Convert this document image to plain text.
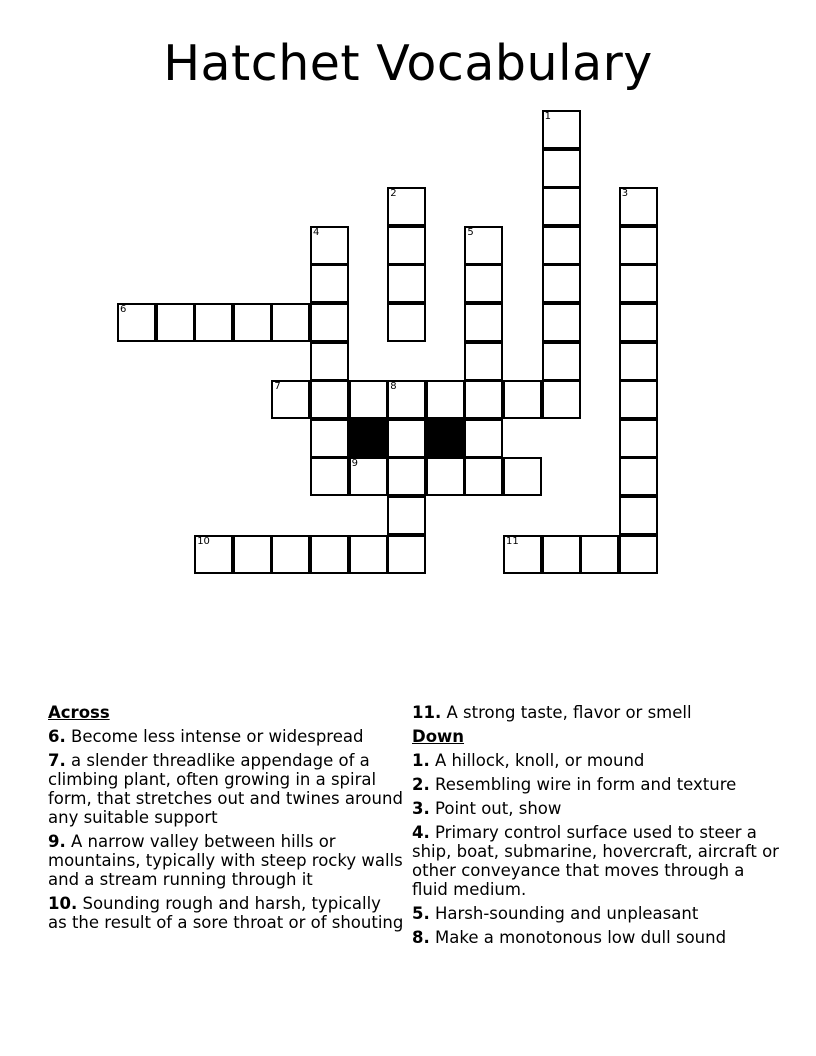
Hatchet Vocabulary
1
2	3
4	5
6
7	8
9
10	11
Across
6. Become less intense or widespread
7. a slender threadlike appendage of a climbing plant, often growing in a spiral form, that stretches out and twines around any suitable support
9. A narrow valley between hills or mountains, typically with steep rocky walls and a stream running through it
10. Sounding rough and harsh, typically as the result of a sore throat or of shouting
11. A strong taste, flavor or smell
Down
1. A hillock, knoll, or mound
2. Resembling wire in form and texture
3. Point out, show
4. Primary control surface used to steer a ship, boat, submarine, hovercraft, aircraft or other conveyance that moves through a fluid medium.
5. Harsh-sounding and unpleasant
8. Make a monotonous low dull sound
